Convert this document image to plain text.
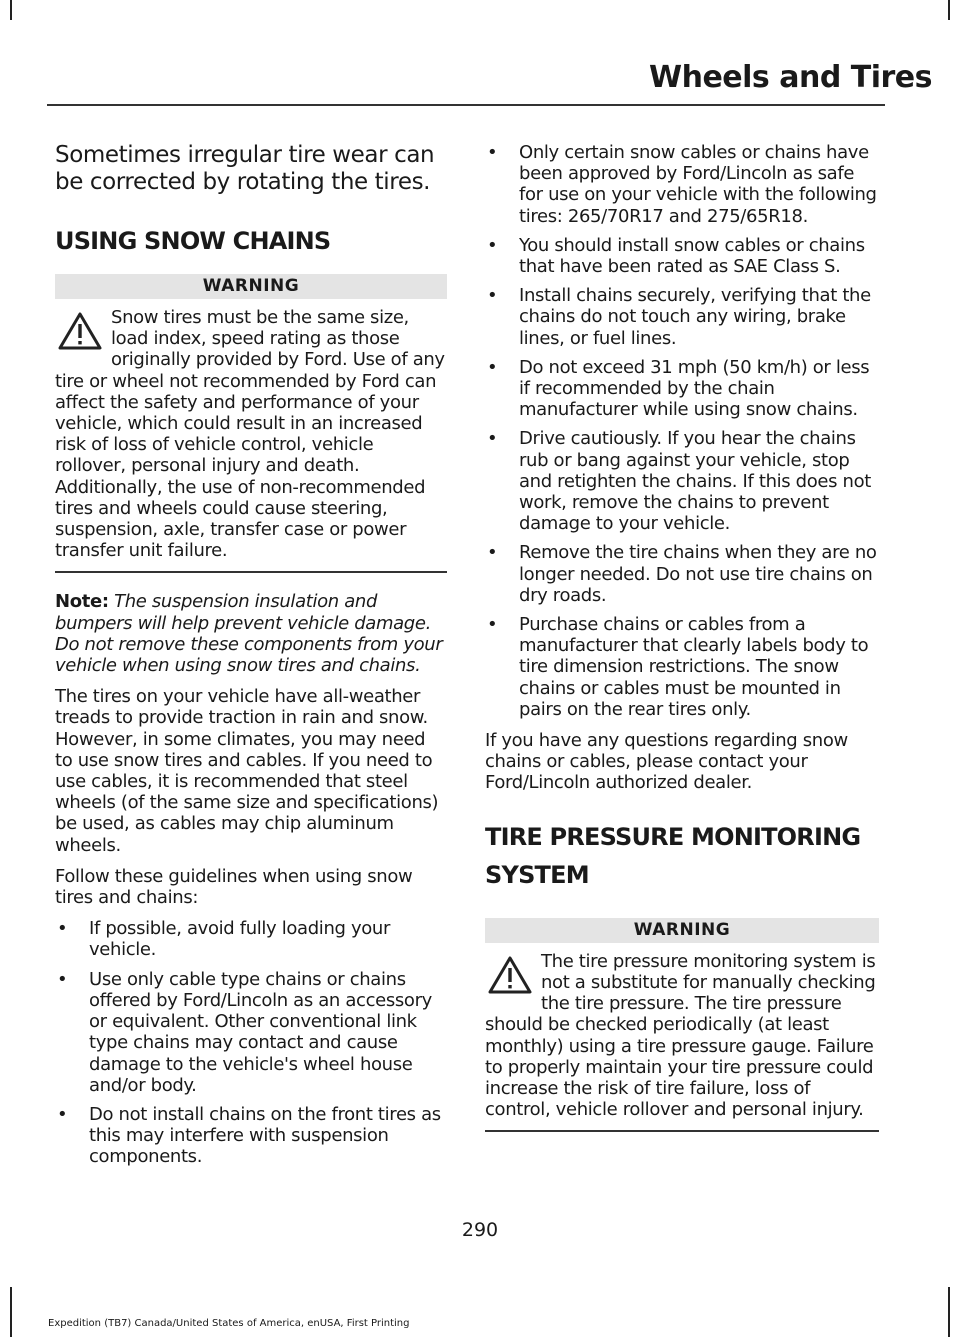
Wheels and Tires

Sometimes irregular tire wear can be corrected by rotating the tires.

USING SNOW CHAINS
WARNING

Snow tires must be the same size, load index, speed rating as those originally provided by Ford. Use of any tire or wheel not recommended by Ford can affect the safety and performance of your vehicle, which could result in an increased risk of loss of vehicle control, vehicle rollover, personal injury and death. Additionally, the use of non-recommended tires and wheels could cause steering, suspension, axle, transfer case or power transfer unit failure.

Note: The suspension insulation and bumpers will help prevent vehicle damage. Do not remove these components from your vehicle when using snow tires and chains.

The tires on your vehicle have all-weather treads to provide traction in rain and snow. However, in some climates, you may need to use snow tires and cables. If you need to use cables, it is recommended that steel wheels (of the same size and specifications) be used, as cables may chip aluminum wheels.

Follow these guidelines when using snow tires and chains:

• If possible, avoid fully loading your vehicle.
• Use only cable type chains or chains offered by Ford/Lincoln as an accessory or equivalent. Other conventional link type chains may contact and cause damage to the vehicle's wheel house and/or body.
• Do not install chains on the front tires as this may interfere with suspension components.
• Only certain snow cables or chains have been approved by Ford/Lincoln as safe for use on your vehicle with the following tires: 265/70R17 and 275/65R18.
• You should install snow cables or chains that have been rated as SAE Class S.
• Install chains securely, verifying that the chains do not touch any wiring, brake lines, or fuel lines.
• Do not exceed 31 mph (50 km/h) or less if recommended by the chain manufacturer while using snow chains.
• Drive cautiously. If you hear the chains rub or bang against your vehicle, stop and retighten the chains. If this does not work, remove the chains to prevent damage to your vehicle.
• Remove the tire chains when they are no longer needed. Do not use tire chains on dry roads.
• Purchase chains or cables from a manufacturer that clearly labels body to tire dimension restrictions. The snow chains or cables must be mounted in pairs on the rear tires only.

If you have any questions regarding snow chains or cables, please contact your Ford/Lincoln authorized dealer.

TIRE PRESSURE MONITORING
SYSTEM
WARNING

The tire pressure monitoring system is not a substitute for manually checking the tire pressure. The tire pressure should be checked periodically (at least monthly) using a tire pressure gauge. Failure to properly maintain your tire pressure could increase the risk of tire failure, loss of control, vehicle rollover and personal injury.

290
Expedition (TB7) Canada/United States of America, enUSA, First Printing
